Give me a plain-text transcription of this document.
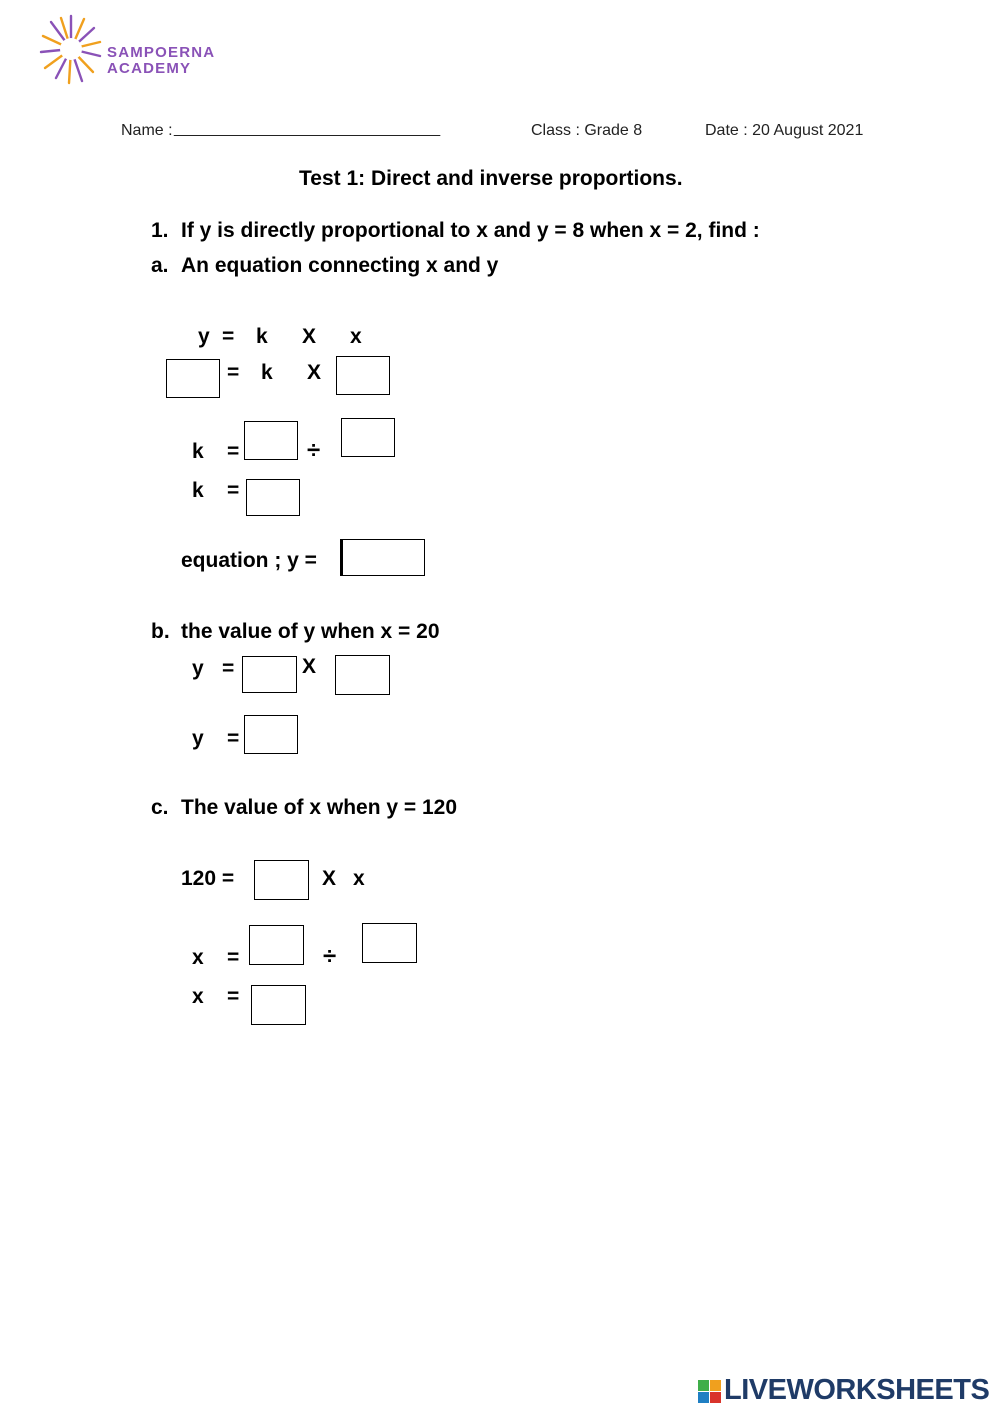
SAMPOERNA
ACADEMY
Name : ________________________________	Class : Grade 8	Date : 20 August 2021
Test 1: Direct and inverse proportions.
1. If y is directly proportional to x and y = 8 when x = 2, find :
a. An equation connecting x and y
y = k X x
= k X
k =	÷
k =
equation ; y =
b. the value of y when x = 20
y =	X
y =
c. The value of x when y = 120
120 =	X x
x =	÷
x =
LIVEWORKSHEETS
